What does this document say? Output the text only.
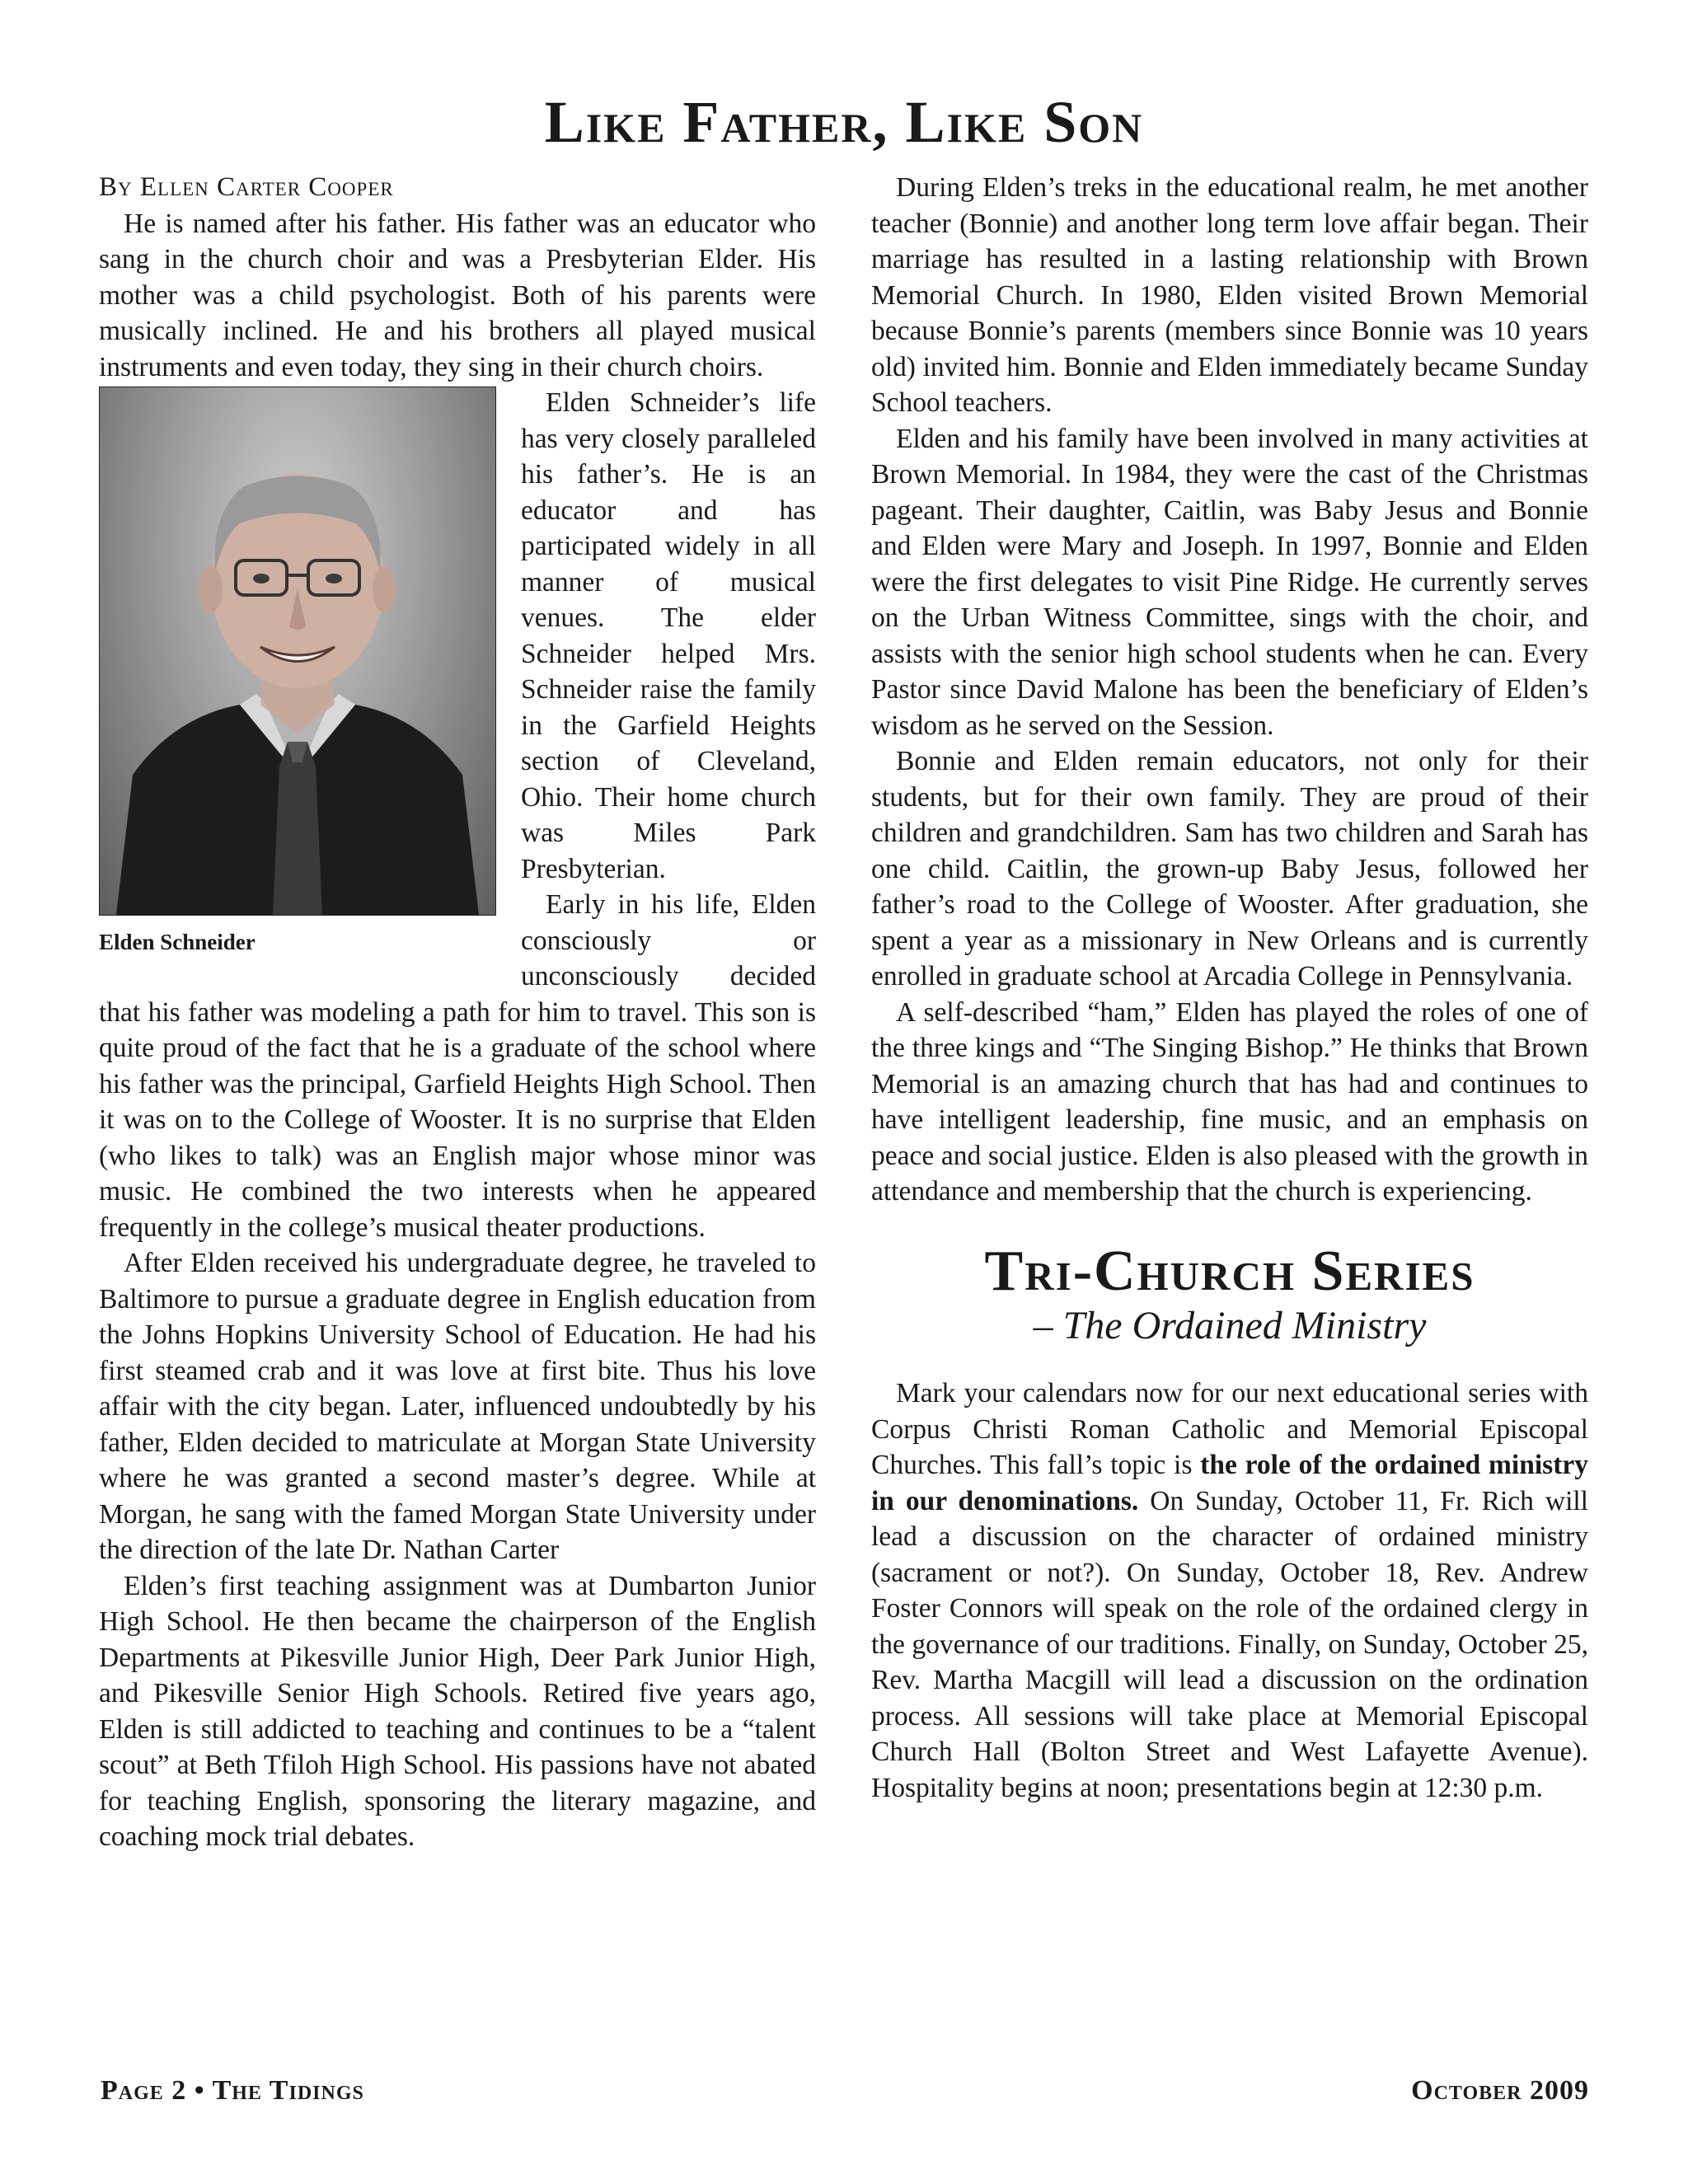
Like Father, Like Son
By Ellen Carter Cooper

He is named after his father. His father was an educator who sang in the church choir and was a Presbyterian Elder. His mother was a child psychologist. Both of his parents were musically inclined. He and his brothers all played musical instruments and even today, they sing in their church choirs.

Elden Schneider

Elden Schneider’s life has very closely paralleled his father’s. He is an educator and has participated widely in all manner of musical venues. The elder Schneider helped Mrs. Schneider raise the family in the Garfield Heights section of Cleveland, Ohio. Their home church was Miles Park Presbyterian.

Early in his life, Elden consciously or unconsciously decided that his father was modeling a path for him to travel. This son is quite proud of the fact that he is a graduate of the school where his father was the principal, Garfield Heights High School. Then it was on to the College of Wooster. It is no surprise that Elden (who likes to talk) was an English major whose minor was music. He combined the two interests when he appeared frequently in the college’s musical theater productions.

After Elden received his undergraduate degree, he traveled to Baltimore to pursue a graduate degree in English education from the Johns Hopkins University School of Education. He had his first steamed crab and it was love at first bite. Thus his love affair with the city began. Later, influenced undoubtedly by his father, Elden decided to matriculate at Morgan State University where he was granted a second master’s degree. While at Morgan, he sang with the famed Morgan State University under the direction of the late Dr. Nathan Carter

Elden’s first teaching assignment was at Dumbarton Junior High School. He then became the chairperson of the English Departments at Pikesville Junior High, Deer Park Junior High, and Pikesville Senior High Schools. Retired five years ago, Elden is still addicted to teaching and continues to be a “talent scout” at Beth Tfiloh High School. His passions have not abated for teaching English, sponsoring the literary magazine, and coaching mock trial debates.

During Elden’s treks in the educational realm, he met another teacher (Bonnie) and another long term love affair began. Their marriage has resulted in a lasting relationship with Brown Memorial Church. In 1980, Elden visited Brown Memorial because Bonnie’s parents (members since Bonnie was 10 years old) invited him. Bonnie and Elden immediately became Sunday School teachers.

Elden and his family have been involved in many activities at Brown Memorial. In 1984, they were the cast of the Christmas pageant. Their daughter, Caitlin, was Baby Jesus and Bonnie and Elden were Mary and Joseph. In 1997, Bonnie and Elden were the first delegates to visit Pine Ridge. He currently serves on the Urban Witness Committee, sings with the choir, and assists with the senior high school students when he can. Every Pastor since David Malone has been the beneficiary of Elden’s wisdom as he served on the Session.

Bonnie and Elden remain educators, not only for their students, but for their own family. They are proud of their children and grandchildren. Sam has two children and Sarah has one child. Caitlin, the grown-up Baby Jesus, followed her father’s road to the College of Wooster. After graduation, she spent a year as a missionary in New Orleans and is currently enrolled in graduate school at Arcadia College in Pennsylvania.

A self-described “ham,” Elden has played the roles of one of the three kings and “The Singing Bishop.” He thinks that Brown Memorial is an amazing church that has had and continues to have intelligent leadership, fine music, and an emphasis on peace and social justice. Elden is also pleased with the growth in attendance and membership that the church is experiencing.

Tri-Church Series
– The Ordained Ministry

Mark your calendars now for our next educational series with Corpus Christi Roman Catholic and Memorial Episcopal Churches. This fall’s topic is the role of the ordained ministry in our denominations. On Sunday, October 11, Fr. Rich will lead a discussion on the character of ordained ministry (sacrament or not?). On Sunday, October 18, Rev. Andrew Foster Connors will speak on the role of the ordained clergy in the governance of our traditions. Finally, on Sunday, October 25, Rev. Martha Macgill will lead a discussion on the ordination process. All sessions will take place at Memorial Episcopal Church Hall (Bolton Street and West Lafayette Avenue). Hospitality begins at noon; presentations begin at 12:30 p.m.

Page 2 • The Tidings	October 2009
